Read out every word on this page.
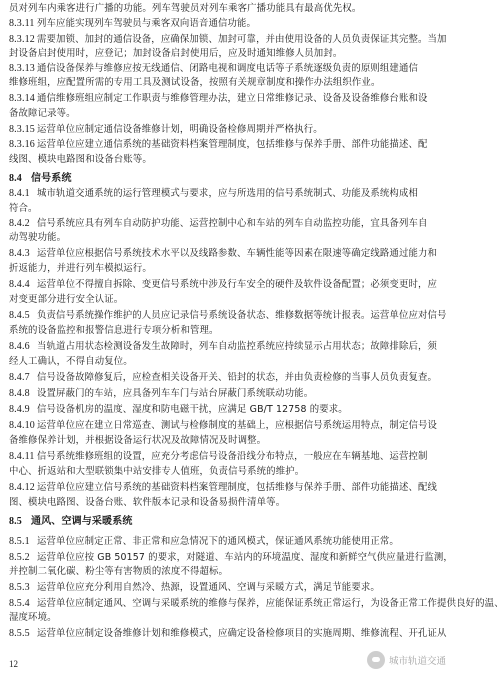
员对列车内乘客进行广播的功能。列车驾驶员对列车乘客广播功能具有最高优先权。
8.3.11 列车应能实现列车驾驶员与乘客双向语音通信功能。
8.3.12 需要加锁、加封的通信设备，应确保加锁、加封可靠，并由使用设备的人员负责保证其完整。当加
封设备启封使用时，应登记；加封设备启封使用后，应及时通知维修人员加封。
8.3.13 通信设备保养与维修应按无线通信、闭路电视和调度电话等子系统逐级负责的原则组建通信
维修班组，应配置所需的专用工具及测试设备，按照有关规章制度和操作办法组织作业。
8.3.14 通信维修班组应制定工作职责与维修管理办法，建立日常维修记录、设备及设备维修台账和设
备故障记录等。
8.3.15 运营单位应制定通信设备维修计划，明确设备检修周期并严格执行。
8.3.16 运营单位应建立通信系统的基础资料档案管理制度，包括维修与保养手册、部件功能描述、配
线图、模块电路图和设备台账等。
8.4 信号系统
8.4.1 城市轨道交通系统的运行管理模式与要求，应与所选用的信号系统制式、功能及系统构成相
符合。
8.4.2 信号系统应具有列车自动防护功能、运营控制中心和车站的列车自动监控功能，宜具备列车自
动驾驶功能。
8.4.3 运营单位应根据信号系统技术水平以及线路参数、车辆性能等因素在限速等确定线路通过能力和
折返能力，并进行列车模拟运行。
8.4.4 运营单位不得擅自拆除、变更信号系统中涉及行车安全的硬件及软件设备配置；必须变更时，应
对变更部分进行安全认证。
8.4.5 负责信号系统操作维护的人员应记录信号系统设备状态、维修数据等统计报表。运营单位应对信号
系统的设备监控和报警信息进行专项分析和管理。
8.4.6 当轨道占用状态检测设备发生故障时，列车自动监控系统应持续显示占用状态；故障排除后，须
经人工确认，不得自动复位。
8.4.7 信号设备故障修复后，应检查相关设备开关、铅封的状态，并由负责检修的当事人员负责复查。
8.4.8 设置屏蔽门的车站，应具备列车车门与站台屏蔽门系统联动功能。
8.4.9 信号设备机房的温度、湿度和防电磁干扰，应满足 GB/T 12758 的要求。
8.4.10 运营单位应在建立日常巡查、测试与检修制度的基础上，应根据信号系统运用特点，制定信号设
备维修保养计划，并根据设备运行状况及故障情况及时调整。
8.4.11 信号系统维修班组的设置，应充分考虑信号设备沿线分布特点，一般应在车辆基地、运营控制
中心、折返站和大型联锁集中站安排专人值班，负责信号系统的维护。
8.4.12 运营单位应建立信号系统的基础资料档案管理制度，包括维修与保养手册、部件功能描述、配线
图、模块电路图、设备台账、软件版本记录和设备易损件清单等。
8.5 通风、空调与采暖系统
8.5.1 运营单位应制定正常、非正常和应急情况下的通风模式，保证通风系统功能使用正常。
8.5.2 运营单位应按 GB 50157 的要求，对隧道、车站内的环境温度、湿度和新鲜空气供应量进行监测，
并控制二氧化碳、粉尘等有害物质的浓度不得超标。
8.5.3 运营单位应充分利用自然冷、热源，设置通风、空调与采暖方式，满足节能要求。
8.5.4 运营单位应制定通风、空调与采暖系统的维修与保养，应能保证系统正常运行，为设备正常工作提供良好的温、
湿度环境。
8.5.5 运营单位应制定设备维修计划和维修模式，应确定设备检修项目的实施周期、维修流程、开孔证从
12	城市轨道交通
